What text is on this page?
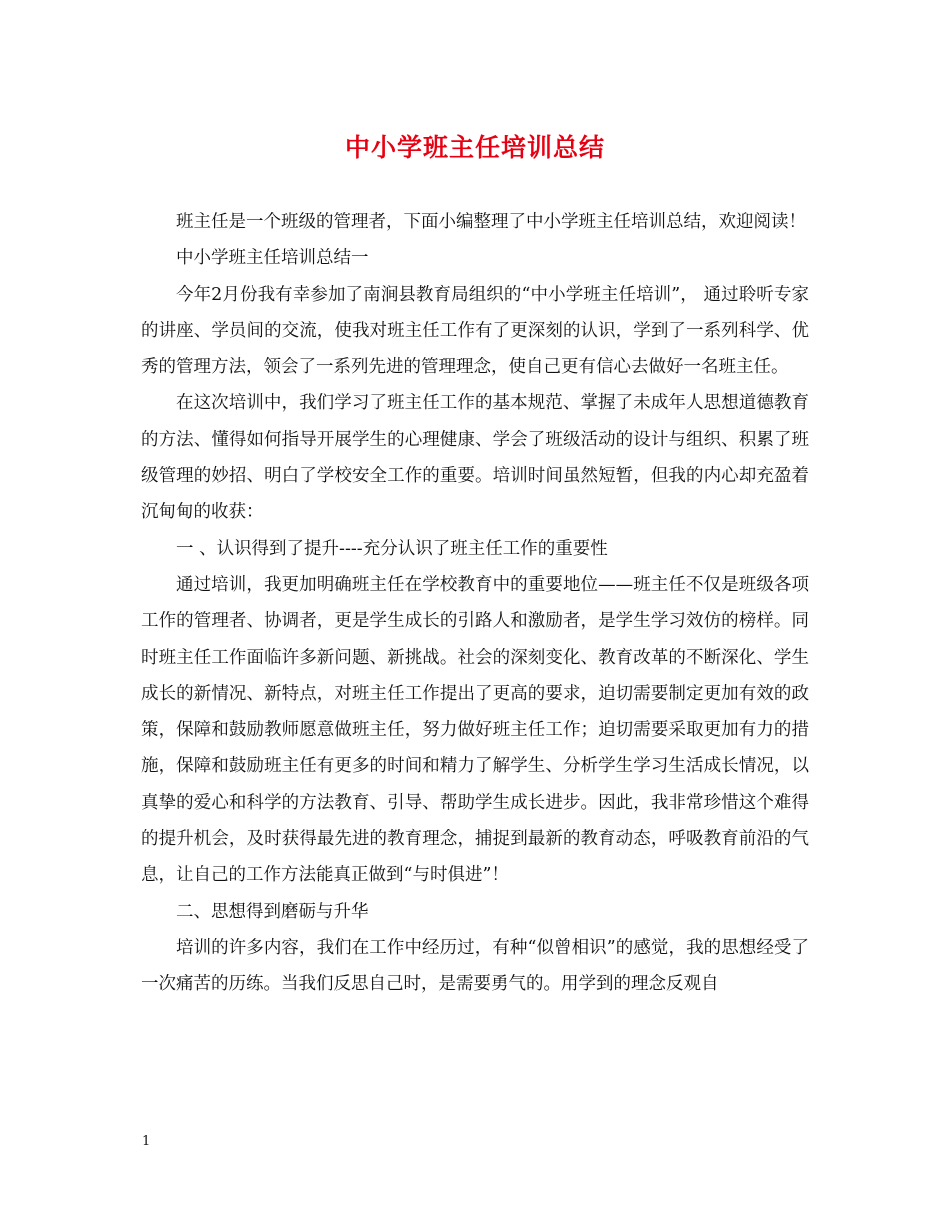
中小学班主任培训总结

班主任是一个班级的管理者，下面小编整理了中小学班主任培训总结，欢迎阅读！

中小学班主任培训总结一

今年2月份我有幸参加了南涧县教育局组织的“中小学班主任培训”， 通过聆听专家的讲座、学员间的交流，使我对班主任工作有了更深刻的认识，学到了一系列科学、优秀的管理方法，领会了一系列先进的管理理念，使自己更有信心去做好一名班主任。

在这次培训中，我们学习了班主任工作的基本规范、掌握了未成年人思想道德教育的方法、懂得如何指导开展学生的心理健康、学会了班级活动的设计与组织、积累了班级管理的妙招、明白了学校安全工作的重要。培训时间虽然短暂，但我的内心却充盈着沉甸甸的收获：

一 、认识得到了提升----充分认识了班主任工作的重要性

通过培训，我更加明确班主任在学校教育中的重要地位——班主任不仅是班级各项工作的管理者、协调者，更是学生成长的引路人和激励者，是学生学习效仿的榜样。同时班主任工作面临许多新问题、新挑战。社会的深刻变化、教育改革的不断深化、学生成长的新情况、新特点，对班主任工作提出了更高的要求，迫切需要制定更加有效的政策，保障和鼓励教师愿意做班主任，努力做好班主任工作；迫切需要采取更加有力的措施，保障和鼓励班主任有更多的时间和精力了解学生、分析学生学习生活成长情况，以真挚的爱心和科学的方法教育、引导、帮助学生成长进步。因此，我非常珍惜这个难得的提升机会，及时获得最先进的教育理念，捕捉到最新的教育动态，呼吸教育前沿的气息，让自己的工作方法能真正做到“与时俱进”！

二、思想得到磨砺与升华

培训的许多内容，我们在工作中经历过，有种“似曾相识”的感觉，我的思想经受了一次痛苦的历练。当我们反思自己时，是需要勇气的。用学到的理念反观自

1
